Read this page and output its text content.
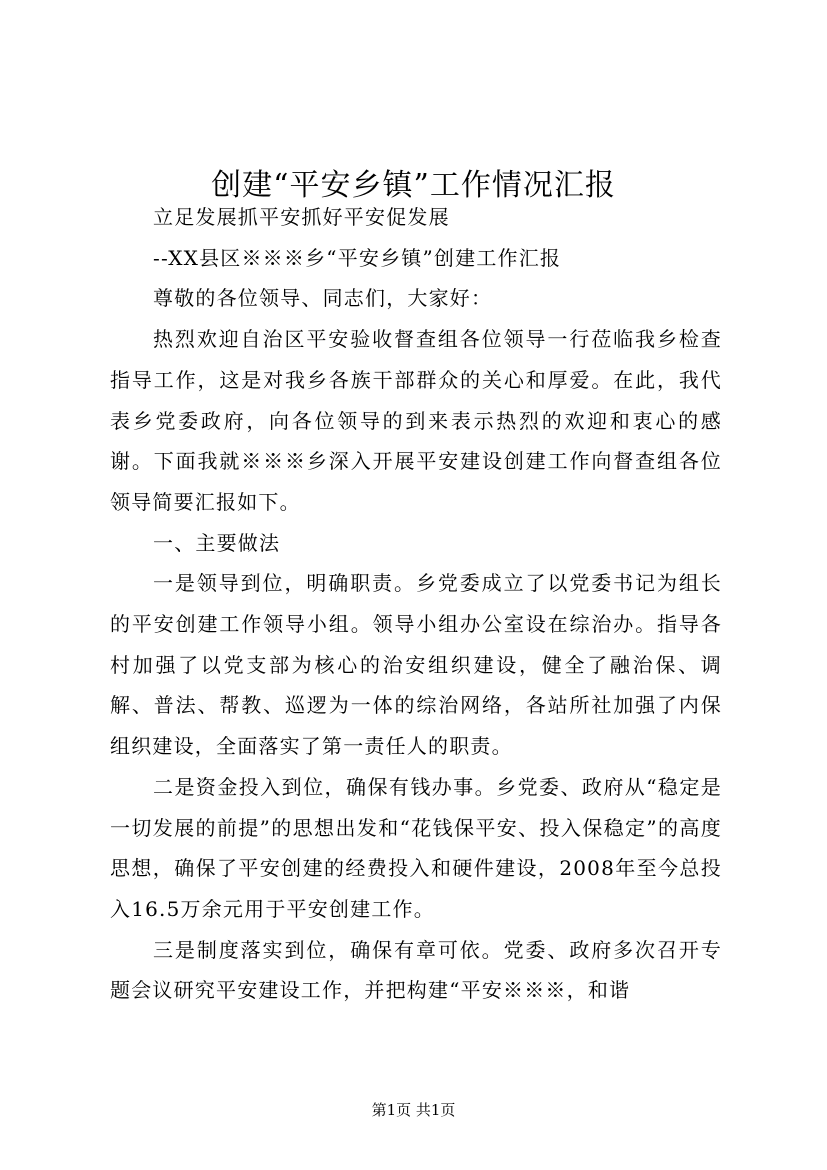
创建“平安乡镇”工作情况汇报

立足发展抓平安抓好平安促发展

--XX县区※※※乡“平安乡镇”创建工作汇报

尊敬的各位领导、同志们，大家好：

热烈欢迎自治区平安验收督查组各位领导一行莅临我乡检查指导工作，这是对我乡各族干部群众的关心和厚爱。在此，我代表乡党委政府，向各位领导的到来表示热烈的欢迎和衷心的感谢。下面我就※※※乡深入开展平安建设创建工作向督查组各位领导简要汇报如下。

一、主要做法

一是领导到位，明确职责。乡党委成立了以党委书记为组长的平安创建工作领导小组。领导小组办公室设在综治办。指导各村加强了以党支部为核心的治安组织建设，健全了融治保、调解、普法、帮教、巡逻为一体的综治网络，各站所社加强了内保组织建设，全面落实了第一责任人的职责。

二是资金投入到位，确保有钱办事。乡党委、政府从“稳定是一切发展的前提”的思想出发和“花钱保平安、投入保稳定”的高度思想，确保了平安创建的经费投入和硬件建设，2008年至今总投入16.5万余元用于平安创建工作。

三是制度落实到位，确保有章可依。党委、政府多次召开专题会议研究平安建设工作，并把构建“平安※※※，和谐

第1页 共1页
